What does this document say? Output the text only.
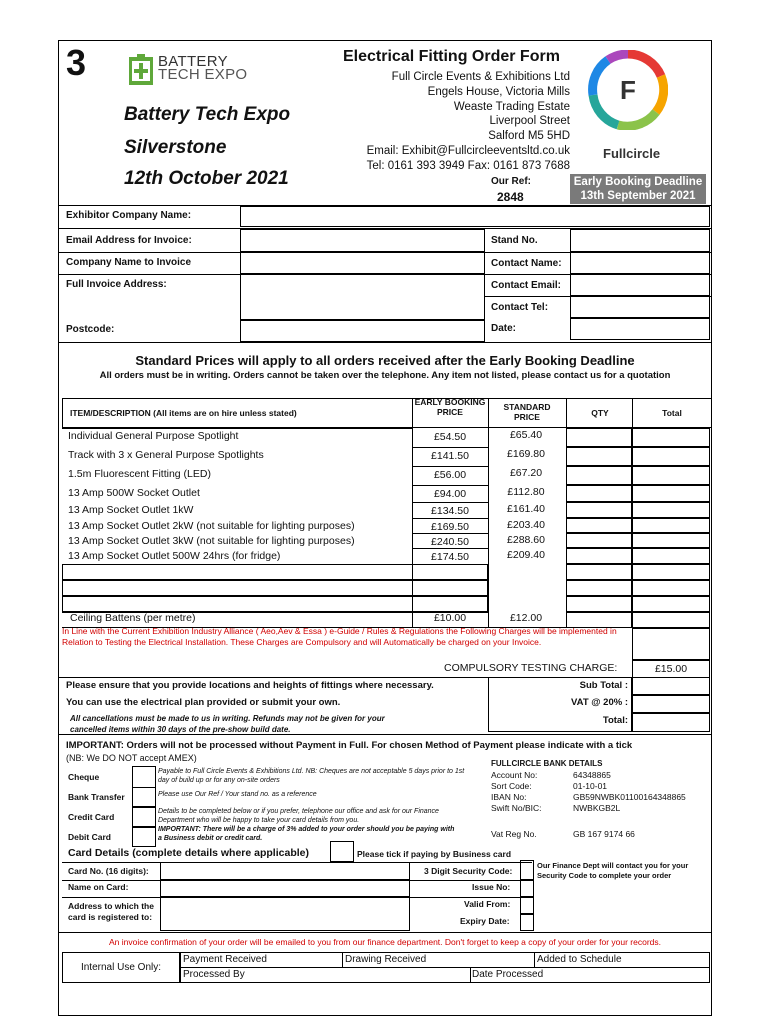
3	BATTERY
TECH EXPO
Battery Tech Expo
Silverstone
12th October 2021
Electrical Fitting Order Form
Full Circle Events & Exhibitions Ltd
Engels House, Victoria Mills
Weaste Trading Estate
Liverpool Street
Salford M5 5HD
Email: Exhibit@Fullcircleeventsltd.co.uk
Tel: 0161 393 3949 Fax: 0161 873 7688
F
Fullcircle
Our Ref:
2848
Early Booking Deadline
13th September 2021
Exhibitor Company Name:
Email Address for Invoice:	Stand No.
Company Name to Invoice	Contact Name:
Full Invoice Address:	Contact Email:
Contact Tel:
Postcode:	Date:
Standard Prices will apply to all orders received after the Early Booking Deadline
All orders must be in writing. Orders cannot be taken over the telephone. Any item not listed, please contact us for a quotation
ITEM/DESCRIPTION (All items are on hire unless stated)
EARLY BOOKING PRICE	STANDARD PRICE	QTY	Total
Individual General Purpose Spotlight	£54.50	£65.40
Track with 3 x General Purpose Spotlights	£141.50	£169.80
1.5m Fluorescent Fitting (LED)	£56.00	£67.20
13 Amp 500W Socket Outlet	£94.00	£112.80
13 Amp Socket Outlet 1kW	£134.50	£161.40
13 Amp Socket Outlet 2kW (not suitable for lighting purposes)	£169.50	£203.40
13 Amp Socket Outlet 3kW (not suitable for lighting purposes)	£240.50	£288.60
13 Amp Socket Outlet 500W 24hrs (for fridge)	£174.50	£209.40
Ceiling Battens (per metre)	£10.00	£12.00
In Line with the Current Exhibition Industry Alliance ( Aeo,Aev & Essa ) e-Guide / Rules & Regulations the Following Charges will be implemented in Relation to Testing the Electrical Installation. These Charges are Compulsory and will Automatically be charged on your Invoice.
COMPULSORY TESTING CHARGE:	£15.00
Please ensure that you provide locations and heights of fittings where necessary.
You can use the electrical plan provided or submit your own.
All cancellations must be made to us in writing. Refunds may not be given for your cancelled items within 30 days of the pre-show build date.
Sub Total :
VAT @ 20% :
Total:
IMPORTANT: Orders will not be processed without Payment in Full. For chosen Method of Payment please indicate with a tick
(NB: We DO NOT accept AMEX)
Cheque
Payable to Full Circle Events & Exhibitions Ltd. NB: Cheques are not acceptable 5 days prior to 1st day of build up or for any on-site orders
Bank Transfer	Please use Our Ref / Your stand no. as a reference
Credit Card
Details to be completed below or if you prefer, telephone our office and ask for our Finance Department who will be happy to take your card details from you.
Debit Card
IMPORTANT: There will be a charge of 3% added to your order should you be paying with a Business debit or credit card.
FULLCIRCLE BANK DETAILS
Account No:	64348865
Sort Code:	01-10-01
IBAN No:	GB59NWBK01100164348865
Swift No/BIC:	NWBKGB2L
Vat Reg No.	GB 167 9174 66
Card Details (complete details where applicable)	Please tick if paying by Business card
Card No. (16 digits):	3 Digit Security Code:
Our Finance Dept will contact you for your Security Code to complete your order
Name on Card:	Issue No:
Address to which the card is registered to:
Valid From:
Expiry Date:
An invoice confirmation of your order will be emailed to you from our finance department. Don't forget to keep a copy of your order for your records.
Internal Use Only:
Payment Received	Drawing Received	Added to Schedule
Processed By	Date Processed
